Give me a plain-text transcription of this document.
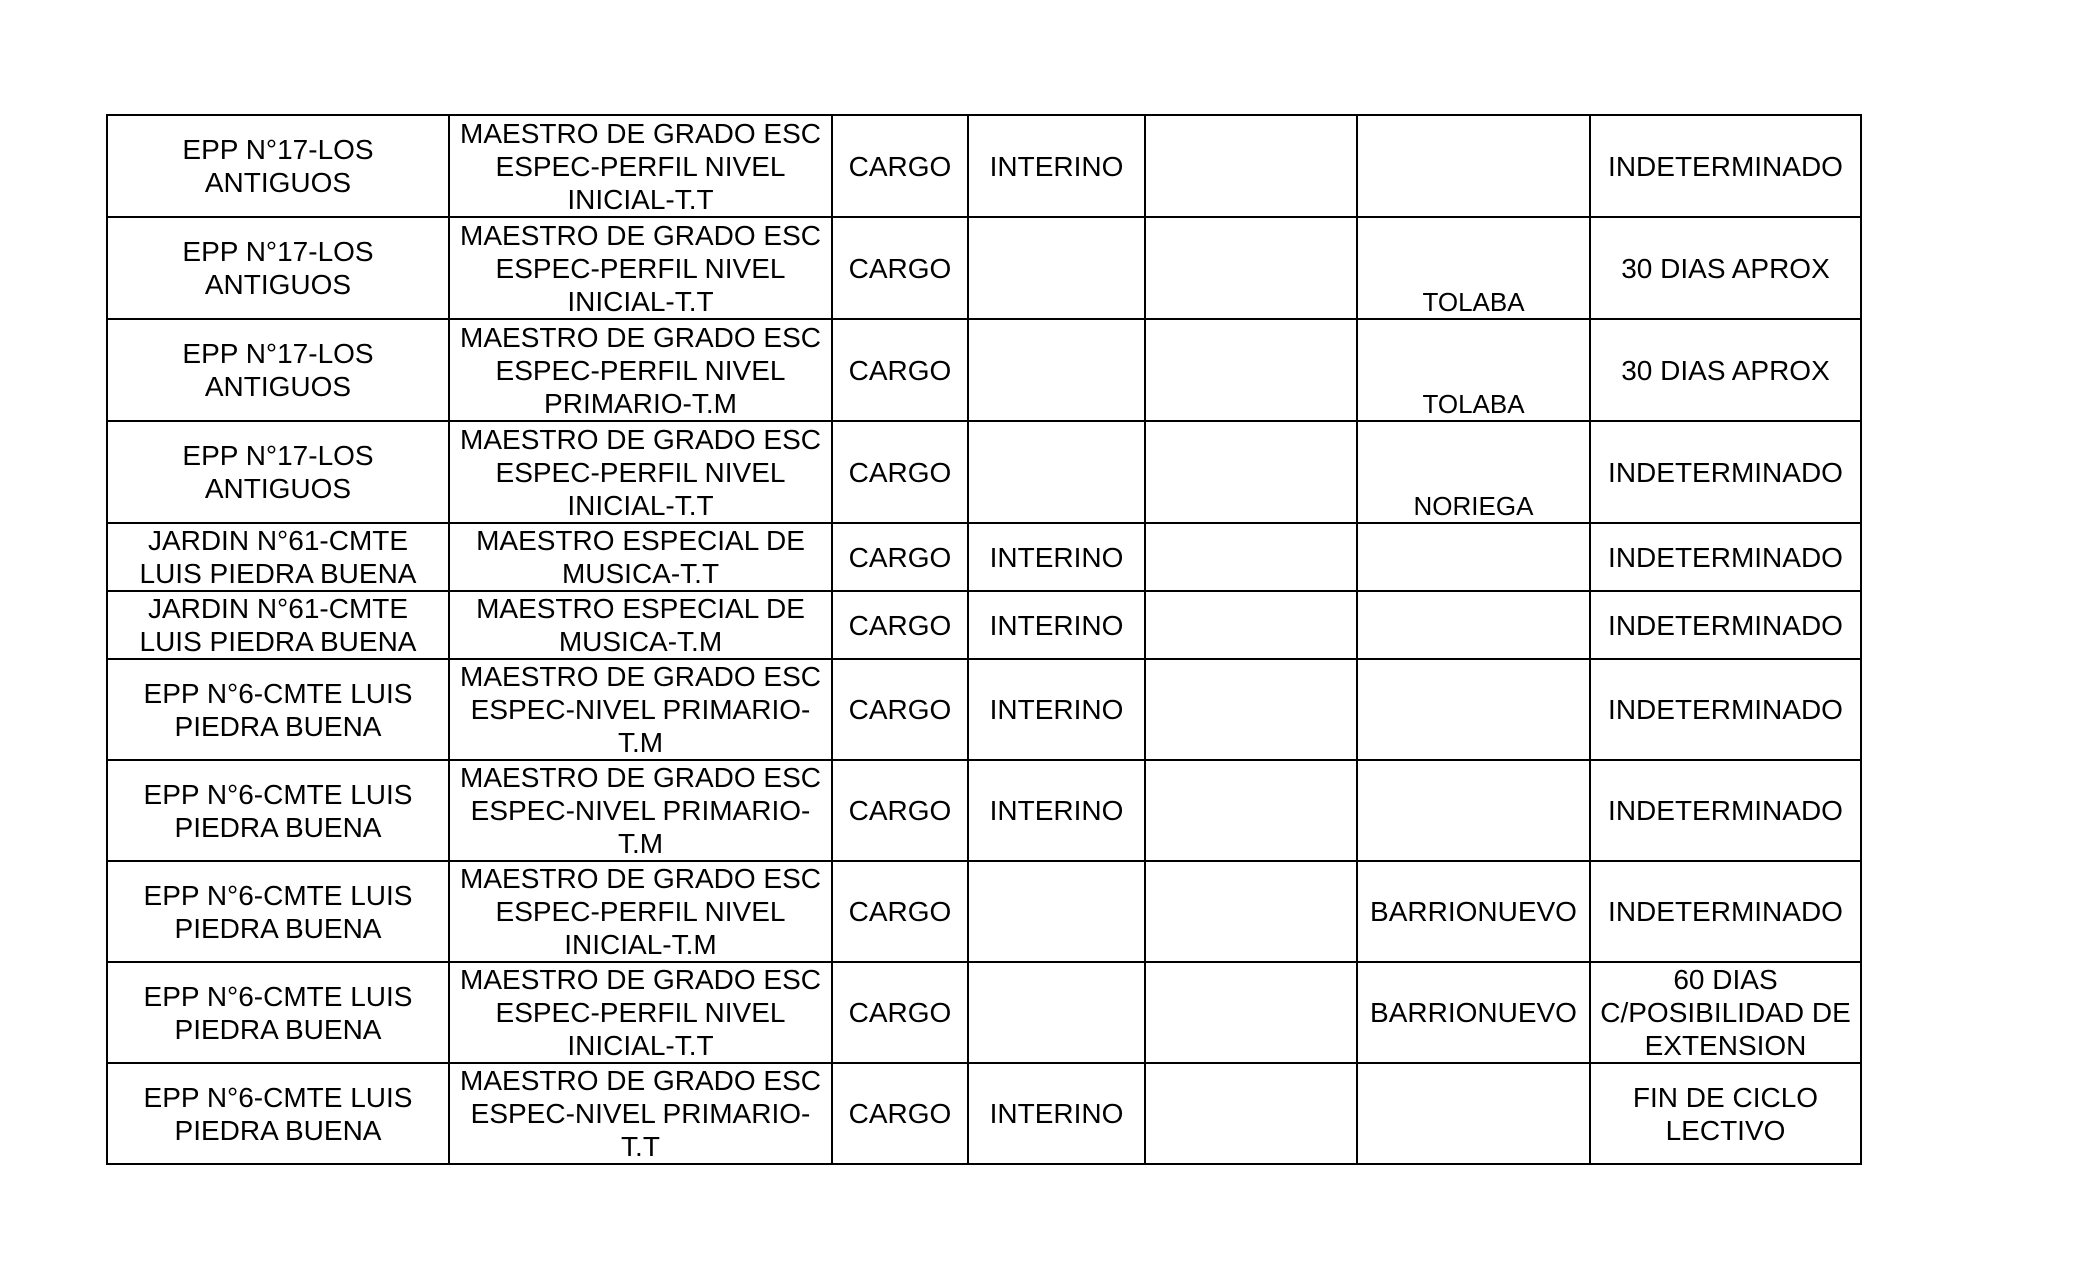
EPP N°17-LOS ANTIGUOS	MAESTRO DE GRADO ESC ESPEC-PERFIL NIVEL INICIAL-T.T	CARGO	INTERINO			INDETERMINADO
EPP N°17-LOS ANTIGUOS	MAESTRO DE GRADO ESC ESPEC-PERFIL NIVEL INICIAL-T.T	CARGO			TOLABA	30 DIAS APROX
EPP N°17-LOS ANTIGUOS	MAESTRO DE GRADO ESC ESPEC-PERFIL NIVEL PRIMARIO-T.M	CARGO			TOLABA	30 DIAS APROX
EPP N°17-LOS ANTIGUOS	MAESTRO DE GRADO ESC ESPEC-PERFIL NIVEL INICIAL-T.T	CARGO			NORIEGA	INDETERMINADO
JARDIN N°61-CMTE LUIS PIEDRA BUENA	MAESTRO ESPECIAL DE MUSICA-T.T	CARGO	INTERINO			INDETERMINADO
JARDIN N°61-CMTE LUIS PIEDRA BUENA	MAESTRO ESPECIAL DE MUSICA-T.M	CARGO	INTERINO			INDETERMINADO
EPP N°6-CMTE LUIS PIEDRA BUENA	MAESTRO DE GRADO ESC ESPEC-NIVEL PRIMARIO-T.M	CARGO	INTERINO			INDETERMINADO
EPP N°6-CMTE LUIS PIEDRA BUENA	MAESTRO DE GRADO ESC ESPEC-NIVEL PRIMARIO-T.M	CARGO	INTERINO			INDETERMINADO
EPP N°6-CMTE LUIS PIEDRA BUENA	MAESTRO DE GRADO ESC ESPEC-PERFIL NIVEL INICIAL-T.M	CARGO			BARRIONUEVO	INDETERMINADO
EPP N°6-CMTE LUIS PIEDRA BUENA	MAESTRO DE GRADO ESC ESPEC-PERFIL NIVEL INICIAL-T.T	CARGO			BARRIONUEVO	60 DIAS C/POSIBILIDAD DE EXTENSION
EPP N°6-CMTE LUIS PIEDRA BUENA	MAESTRO DE GRADO ESC ESPEC-NIVEL PRIMARIO-T.T	CARGO	INTERINO			FIN DE CICLO LECTIVO
